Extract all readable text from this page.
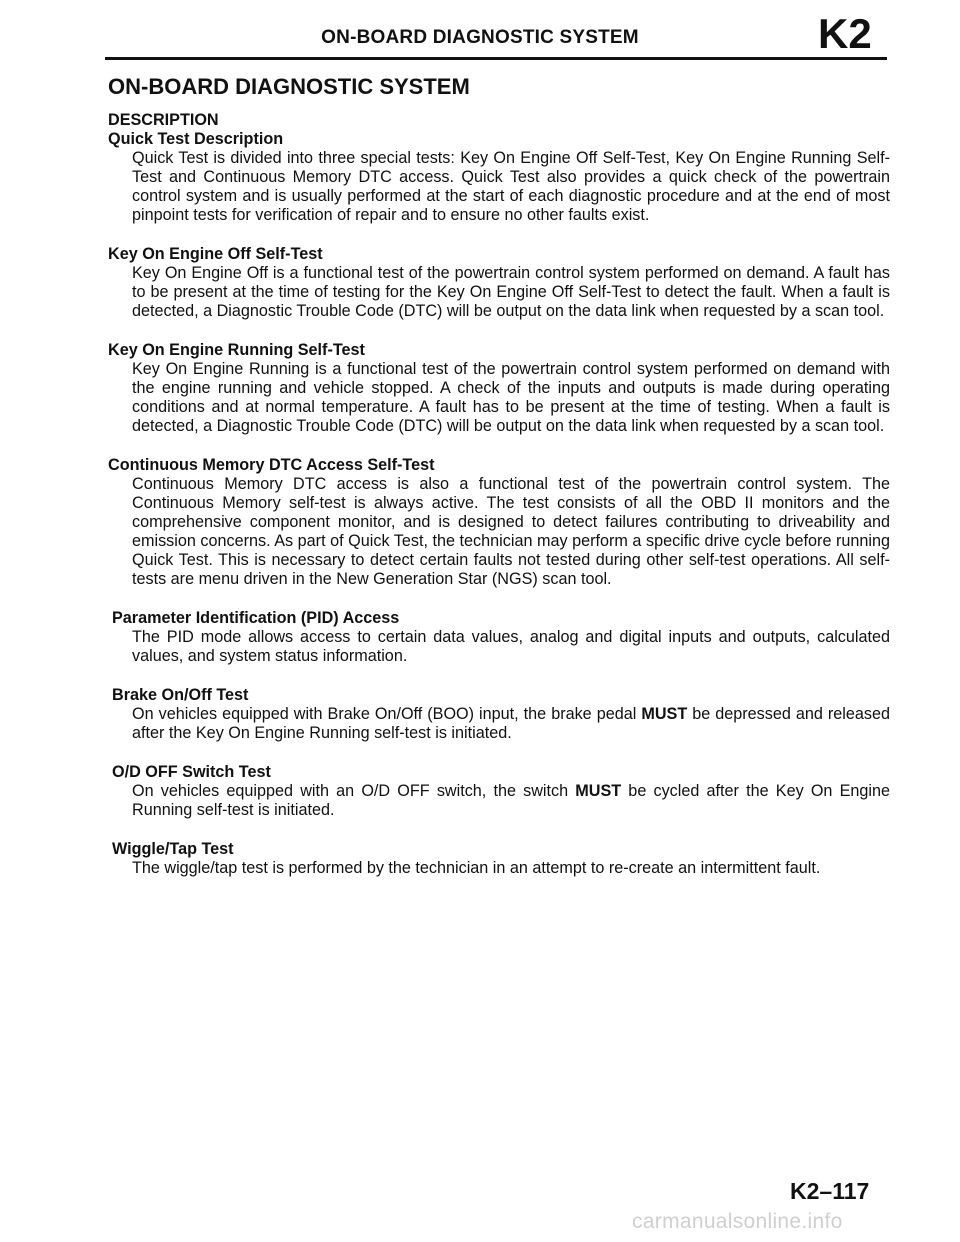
ON-BOARD DIAGNOSTIC SYSTEM	K2
ON-BOARD DIAGNOSTIC SYSTEM
DESCRIPTION
Quick Test Description
Quick Test is divided into three special tests: Key On Engine Off Self-Test, Key On Engine Running Self-Test and Continuous Memory DTC access. Quick Test also provides a quick check of the powertrain control system and is usually performed at the start of each diagnostic procedure and at the end of most pinpoint tests for verification of repair and to ensure no other faults exist.
Key On Engine Off Self-Test
Key On Engine Off is a functional test of the powertrain control system performed on demand. A fault has to be present at the time of testing for the Key On Engine Off Self-Test to detect the fault. When a fault is detected, a Diagnostic Trouble Code (DTC) will be output on the data link when requested by a scan tool.
Key On Engine Running Self-Test
Key On Engine Running is a functional test of the powertrain control system performed on demand with the engine running and vehicle stopped. A check of the inputs and outputs is made during operating conditions and at normal temperature. A fault has to be present at the time of testing. When a fault is detected, a Diagnostic Trouble Code (DTC) will be output on the data link when requested by a scan tool.
Continuous Memory DTC Access Self-Test
Continuous Memory DTC access is also a functional test of the powertrain control system. The Continuous Memory self-test is always active. The test consists of all the OBD II monitors and the comprehensive component monitor, and is designed to detect failures contributing to driveability and emission concerns. As part of Quick Test, the technician may perform a specific drive cycle before running Quick Test. This is necessary to detect certain faults not tested during other self-test operations. All self-tests are menu driven in the New Generation Star (NGS) scan tool.
Parameter Identification (PID) Access
The PID mode allows access to certain data values, analog and digital inputs and outputs, calculated values, and system status information.
Brake On/Off Test
On vehicles equipped with Brake On/Off (BOO) input, the brake pedal MUST be depressed and released after the Key On Engine Running self-test is initiated.
O/D OFF Switch Test
On vehicles equipped with an O/D OFF switch, the switch MUST be cycled after the Key On Engine Running self-test is initiated.
Wiggle/Tap Test
The wiggle/tap test is performed by the technician in an attempt to re-create an intermittent fault.
K2–117
carmanualsonline.info
